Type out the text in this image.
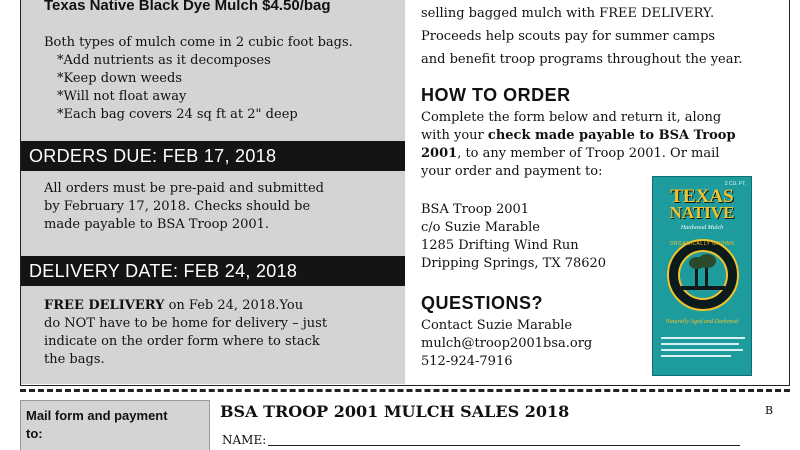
Texas Native Black Dye Mulch $4.50/bag
Both types of mulch come in 2 cubic foot bags.
*Add nutrients as it decomposes
*Keep down weeds
*Will not float away
*Each bag covers 24 sq ft at 2" deep
ORDERS DUE: FEB 17, 2018
All orders must be pre-paid and submitted
by February 17, 2018. Checks should be
made payable to BSA Troop 2001.
DELIVERY DATE: FEB 24, 2018
FREE DELIVERY on Feb 24, 2018.You
do NOT have to be home for delivery – just
indicate on the order form where to stack
the bags.
selling bagged mulch with FREE DELIVERY.
Proceeds help scouts pay for summer camps
and benefit troop programs throughout the year.
HOW TO ORDER
Complete the form below and return it, along
with your check made payable to BSA Troop
2001, to any member of Troop 2001. Or mail
your order and payment to:
BSA Troop 2001
c/o Suzie Marable
1285 Drifting Wind Run
Dripping Springs, TX 78620
QUESTIONS?
Contact Suzie Marable
mulch@troop2001bsa.org
512-924-7916
2 CU. FT.
TEXAS
NATIVE
Hardwood Mulch
ORGANICALLY GROWN
Naturally Aged and Darkened
Mail form and payment
to:
BSA TROOP 2001 MULCH SALES 2018	B
NAME:
